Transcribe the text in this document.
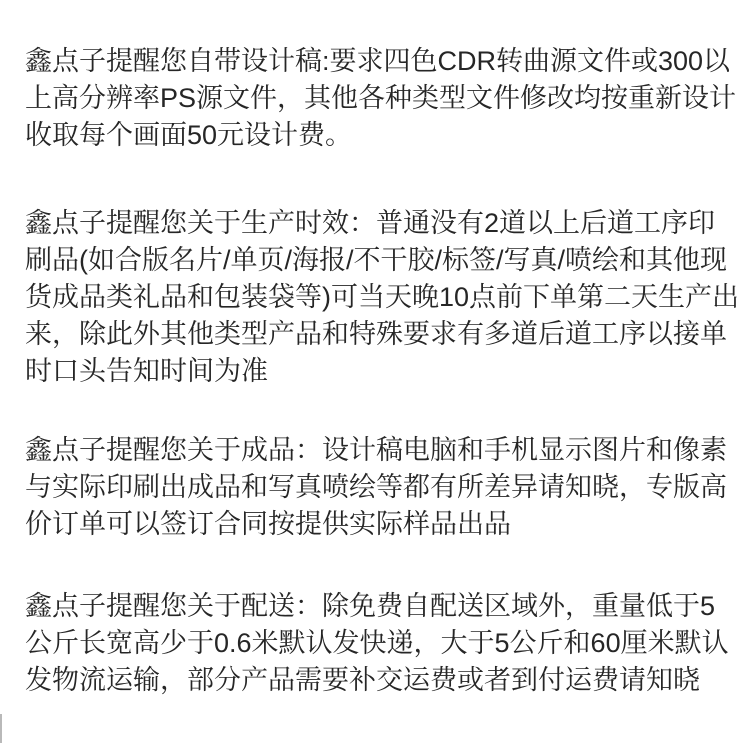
鑫点子提醒您自带设计稿:要求四色CDR转曲源文件或300以上高分辨率PS源文件，其他各种类型文件修改均按重新设计收取每个画面50元设计费。

鑫点子提醒您关于生产时效：普通没有2道以上后道工序印刷品(如合版名片/单页/海报/不干胶/标签/写真/喷绘和其他现货成品类礼品和包装袋等)可当天晚10点前下单第二天生产出来，除此外其他类型产品和特殊要求有多道后道工序以接单时口头告知时间为准

鑫点子提醒您关于成品：设计稿电脑和手机显示图片和像素与实际印刷出成品和写真喷绘等都有所差异请知晓，专版高价订单可以签订合同按提供实际样品出品

鑫点子提醒您关于配送：除免费自配送区域外，重量低于5公斤长宽高少于0.6米默认发快递，大于5公斤和60厘米默认发物流运输，部分产品需要补交运费或者到付运费请知晓
